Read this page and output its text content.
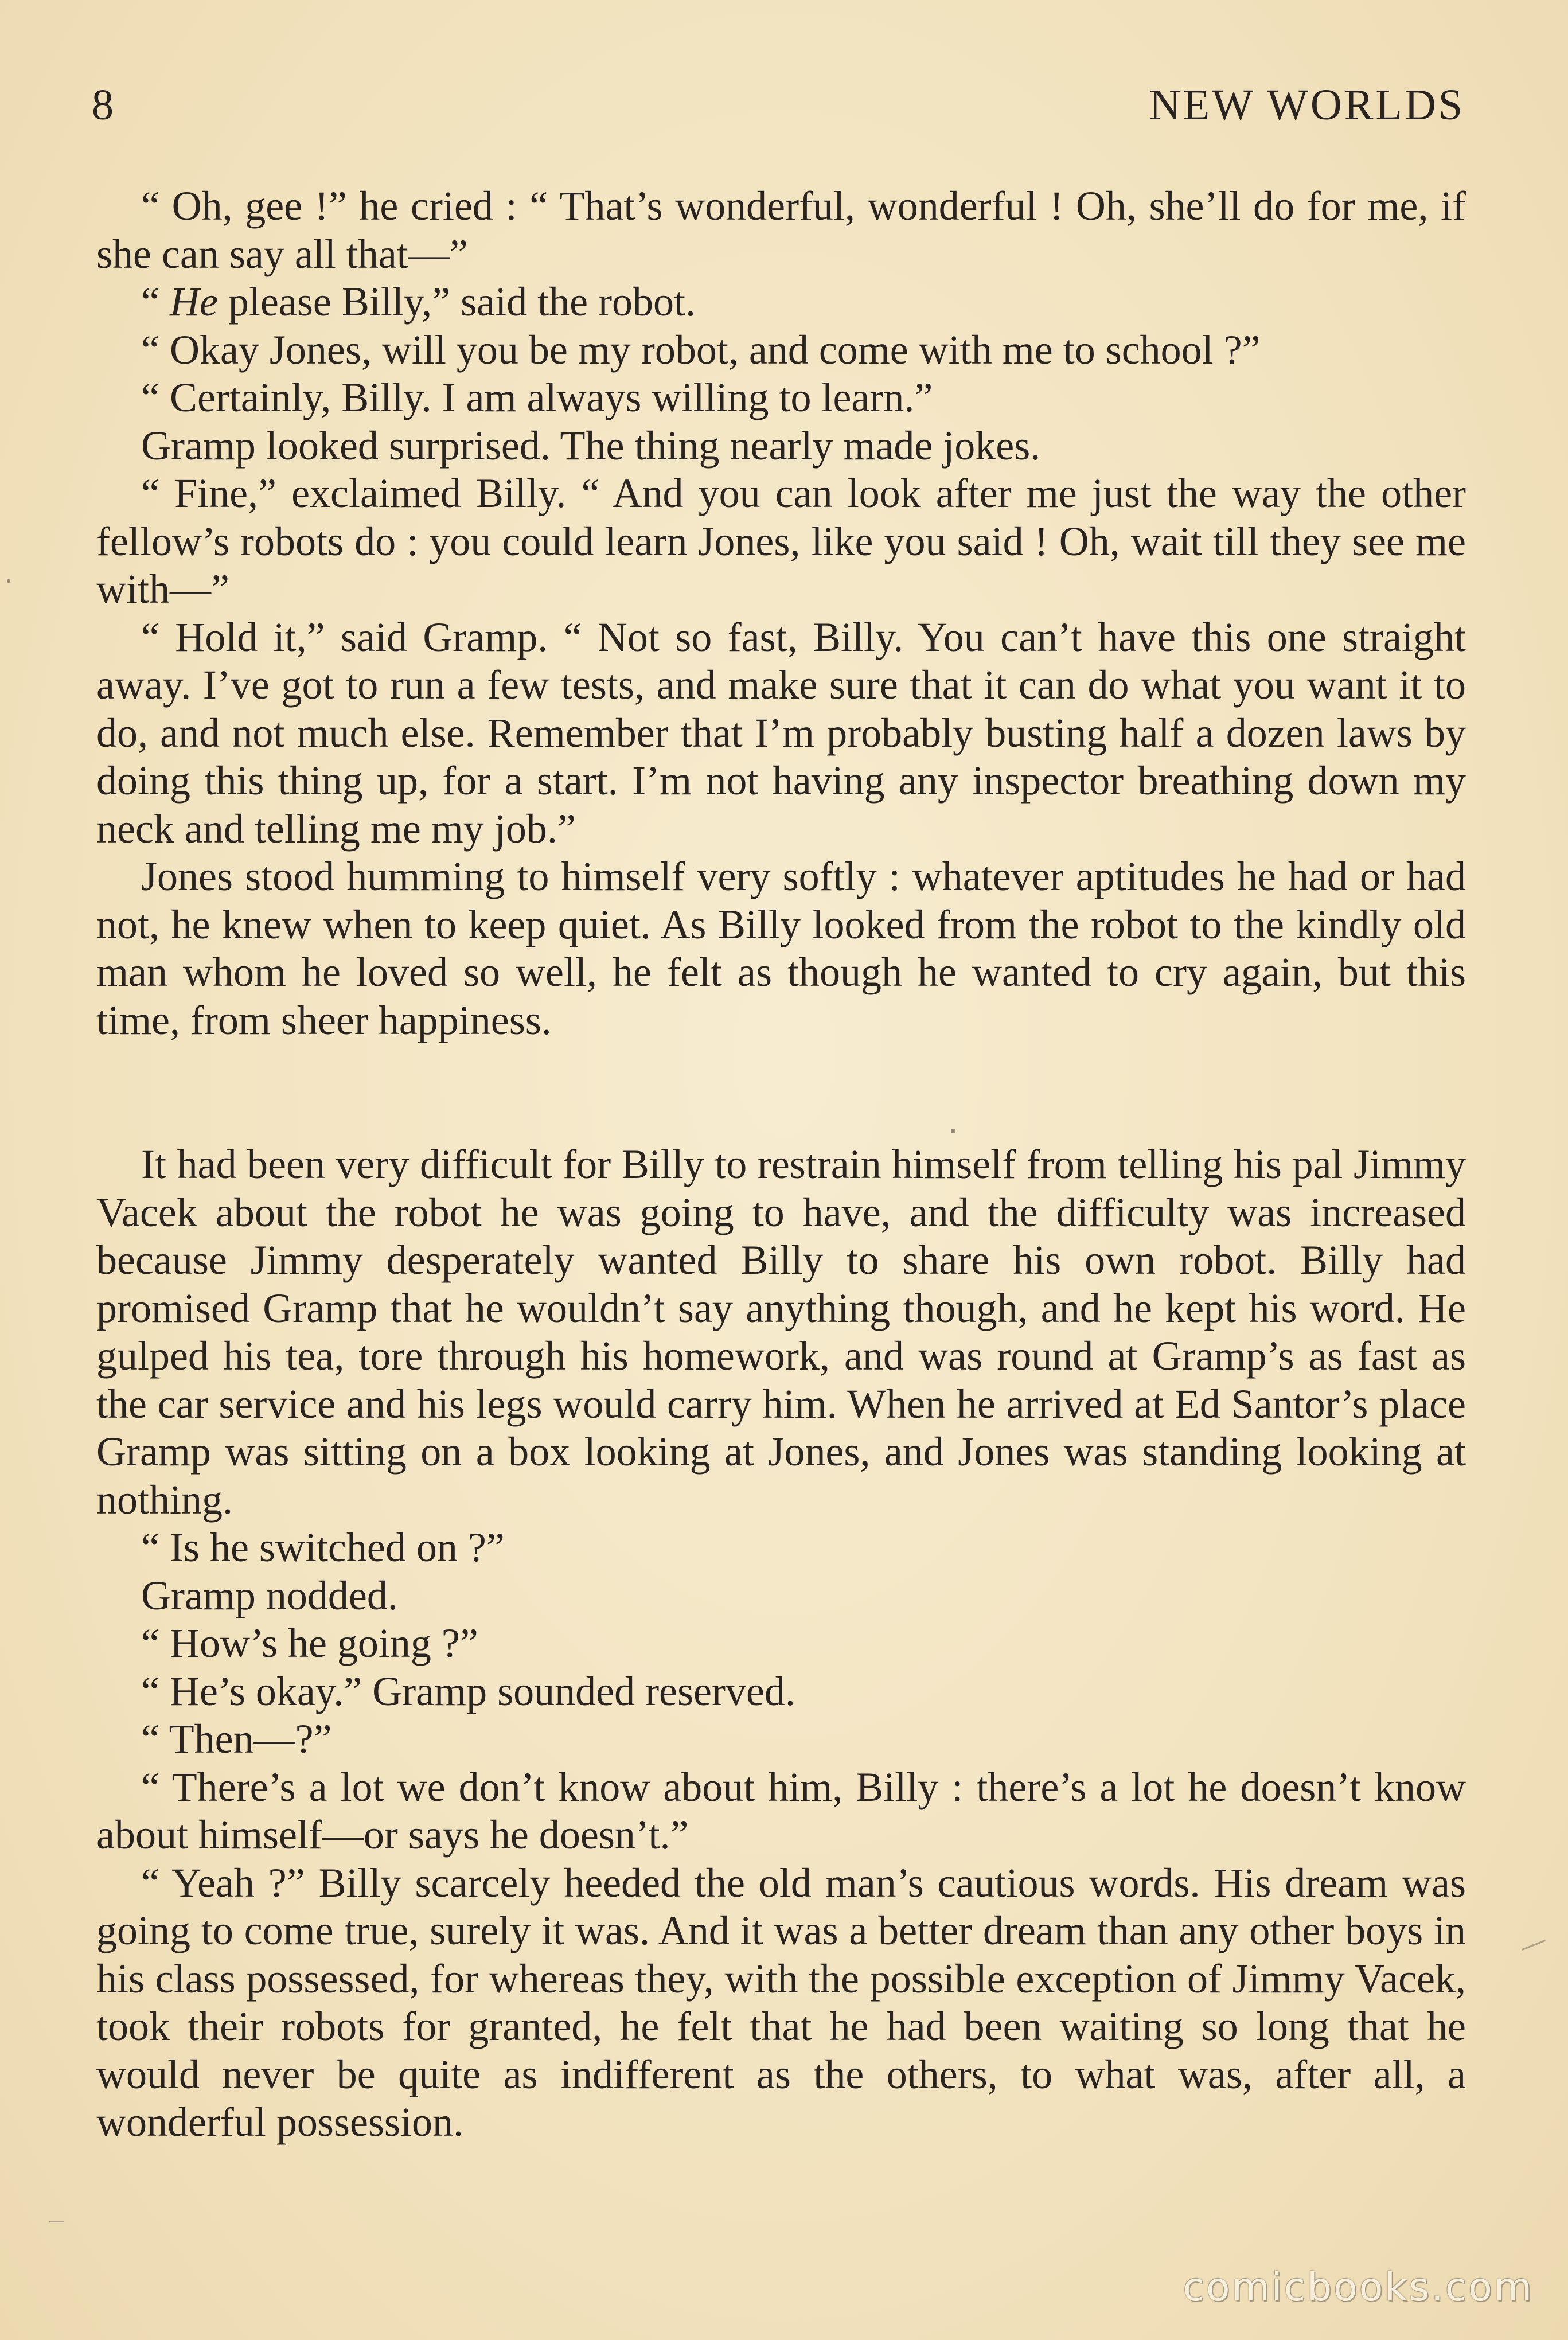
8	NEW WORLDS

“ Oh, gee !” he cried : “ That’s wonderful, wonderful ! Oh, she’ll do for me, if she can say all that—”

“ He please Billy,” said the robot.

“ Okay Jones, will you be my robot, and come with me to school ?”

“ Certainly, Billy. I am always willing to learn.”

Gramp looked surprised. The thing nearly made jokes.

“ Fine,” exclaimed Billy. “ And you can look after me just the way the other fellow’s robots do : you could learn Jones, like you said ! Oh, wait till they see me with—”

“ Hold it,” said Gramp. “ Not so fast, Billy. You can’t have this one straight away. I’ve got to run a few tests, and make sure that it can do what you want it to do, and not much else. Remember that I’m probably busting half a dozen laws by doing this thing up, for a start. I’m not having any inspector breathing down my neck and telling me my job.”

Jones stood humming to himself very softly : whatever aptitudes he had or had not, he knew when to keep quiet. As Billy looked from the robot to the kindly old man whom he loved so well, he felt as though he wanted to cry again, but this time, from sheer happiness.

It had been very difficult for Billy to restrain himself from telling his pal Jimmy Vacek about the robot he was going to have, and the difficulty was increased because Jimmy desperately wanted Billy to share his own robot. Billy had promised Gramp that he wouldn’t say anything though, and he kept his word. He gulped his tea, tore through his homework, and was round at Gramp’s as fast as the car service and his legs would carry him. When he arrived at Ed Santor’s place Gramp was sitting on a box looking at Jones, and Jones was standing looking at nothing.

“ Is he switched on ?”

Gramp nodded.

“ How’s he going ?”

“ He’s okay.” Gramp sounded reserved.

“ Then—?”

“ There’s a lot we don’t know about him, Billy : there’s a lot he doesn’t know about himself—or says he doesn’t.”

“ Yeah ?” Billy scarcely heeded the old man’s cautious words. His dream was going to come true, surely it was. And it was a better dream than any other boys in his class possessed, for whereas they, with the possible exception of Jimmy Vacek, took their robots for granted, he felt that he had been waiting so long that he would never be quite as indifferent as the others, to what was, after all, a wonderful possession.

comicbooks.com
